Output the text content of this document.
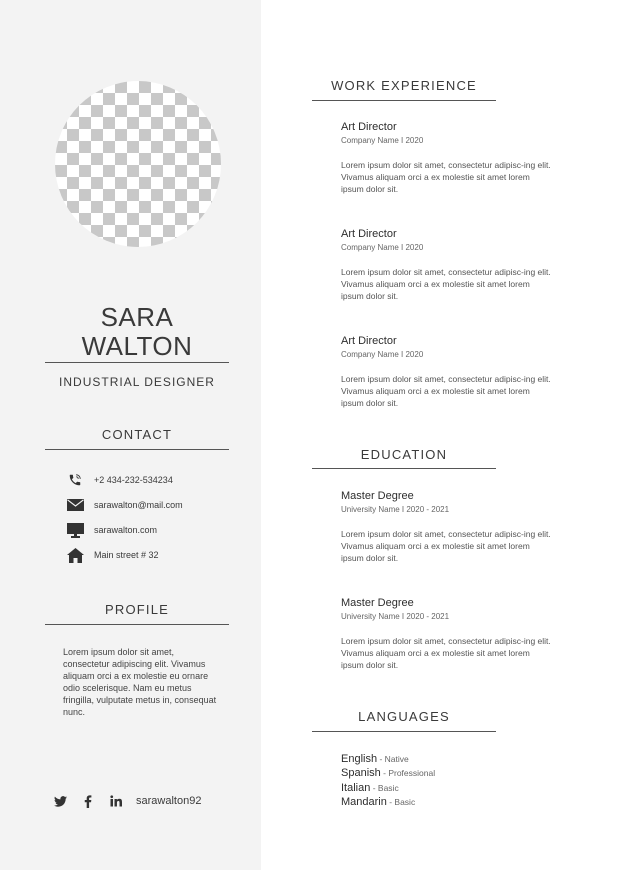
SARA
WALTON
INDUSTRIAL DESIGNER
CONTACT
+2 434-232-534234
sarawalton@mail.com
sarawalton.com
Main street # 32
PROFILE
Lorem ipsum dolor sit amet, consectetur adipiscing elit. Vivamus aliquam orci a ex molestie eu ornare odio scelerisque. Nam eu metus fringilla, vulputate metus in, consequat nunc.
sarawalton92
WORK EXPERIENCE
Art Director
Company Name I 2020
Lorem ipsum dolor sit amet, consectetur adipisc-ing elit. Vivamus aliquam orci a ex molestie sit amet lorem ipsum dolor sit.
Art Director
Company Name I 2020
Lorem ipsum dolor sit amet, consectetur adipisc-ing elit. Vivamus aliquam orci a ex molestie sit amet lorem ipsum dolor sit.
Art Director
Company Name I 2020
Lorem ipsum dolor sit amet, consectetur adipisc-ing elit. Vivamus aliquam orci a ex molestie sit amet lorem ipsum dolor sit.
EDUCATION
Master Degree
University Name I 2020 - 2021
Lorem ipsum dolor sit amet, consectetur adipisc-ing elit. Vivamus aliquam orci a ex molestie sit amet lorem ipsum dolor sit.
Master Degree
University Name I 2020 - 2021
Lorem ipsum dolor sit amet, consectetur adipisc-ing elit. Vivamus aliquam orci a ex molestie sit amet lorem ipsum dolor sit.
LANGUAGES
English - Native
Spanish - Professional
Italian - Basic
Mandarin - Basic
